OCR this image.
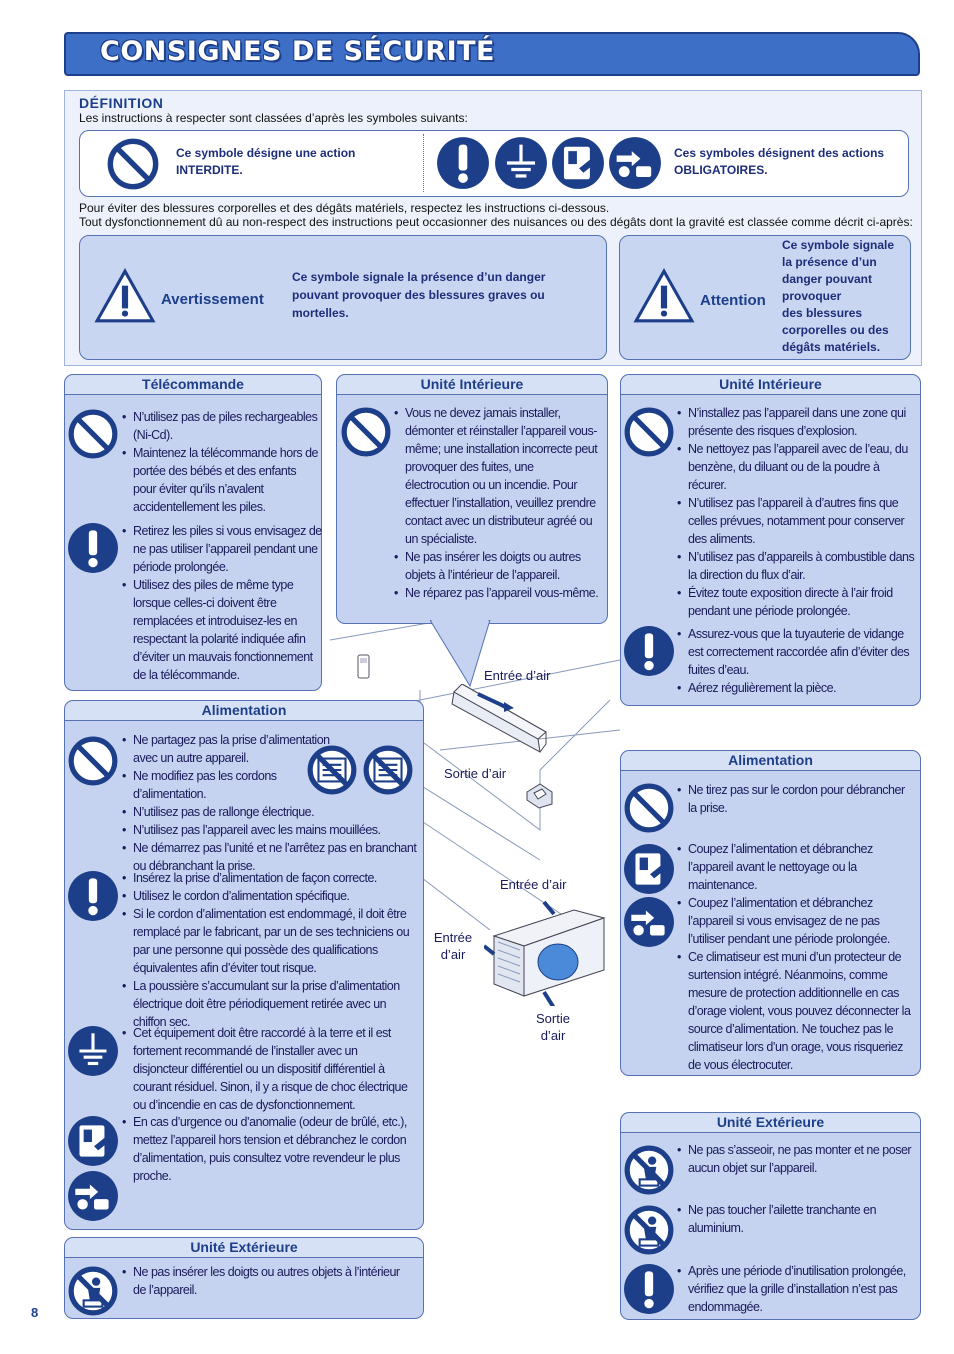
CONSIGNES DE SÉCURITÉ
DÉFINITION
Les instructions à respecter sont classées d’après les symboles suivants:
Ce symbole désigne une action
INTERDITE.
Ces symboles désignent des actions
OBLIGATOIRES.
Pour éviter des blessures corporelles et des dégâts matériels, respectez les instructions ci-dessous.
Tout dysfonctionnement dû au non-respect des instructions peut occasionner des nuisances ou des dégâts dont la gravité est classée comme décrit ci-après:
Avertissement
Ce symbole signale la présence d’un danger
pouvant provoquer des blessures graves ou
mortelles.
Attention
Ce symbole signale
la présence d’un
danger pouvant
provoquer
des blessures
corporelles ou des
dégâts matériels.
Entrée d’air
Sortie d’air
Entrée d’air
Entrée
d’air
Sortie
d’air
Télécommande
• N’utilisez pas de piles rechargeables (Ni-Cd).
• Maintenez la télécommande hors de portée des bébés et des enfants pour éviter qu’ils n’avalent accidentellement les piles.
• Retirez les piles si vous envisagez de ne pas utiliser l’appareil pendant une période prolongée.
• Utilisez des piles de même type lorsque celles-ci doivent être remplacées et introduisez-les en respectant la polarité indiquée afin d’éviter un mauvais fonctionnement de la télécommande.
Unité Intérieure
• Vous ne devez jamais installer, démonter et réinstaller l’appareil vous-même; une installation incorrecte peut provoquer des fuites, une électrocution ou un incendie. Pour effectuer l’installation, veuillez prendre contact avec un distributeur agréé ou un spécialiste.
• Ne pas insérer les doigts ou autres objets à l’intérieur de l’appareil.
• Ne réparez pas l’appareil vous-même.
Unité Intérieure
• N’installez pas l’appareil dans une zone qui présente des risques d’explosion.
• Ne nettoyez pas l’appareil avec de l’eau, du benzène, du diluant ou de la poudre à récurer.
• N’utilisez pas l’appareil à d’autres fins que celles prévues, notamment pour conserver des aliments.
• N’utilisez pas d’appareils à combustible dans la direction du flux d’air.
• Évitez toute exposition directe à l’air froid pendant une période prolongée.
• Assurez-vous que la tuyauterie de vidange est correctement raccordée afin d’éviter des fuites d’eau.
• Aérez régulièrement la pièce.
Alimentation
• Ne partagez pas la prise d’alimentation avec un autre appareil.
• Ne modifiez pas les cordons d’alimentation.
• N’utilisez pas de rallonge électrique.
• N’utilisez pas l’appareil avec les mains mouillées.
• Ne démarrez pas l’unité et ne l’arrêtez pas en branchant ou débranchant la prise.
• Insérez la prise d’alimentation de façon correcte.
• Utilisez le cordon d’alimentation spécifique.
• Si le cordon d’alimentation est endommagé, il doit être remplacé par le fabricant, par un de ses techniciens ou par une personne qui possède des qualifications équivalentes afin d’éviter tout risque.
• La poussière s’accumulant sur la prise d’alimentation électrique doit être périodiquement retirée avec un chiffon sec.
• Cet équipement doit être raccordé à la terre et il est fortement recommandé de l’installer avec un disjoncteur différentiel ou un dispositif différentiel à courant résiduel. Sinon, il y a risque de choc électrique ou d’incendie en cas de dysfonctionnement.
• En cas d’urgence ou d’anomalie (odeur de brûlé, etc.), mettez l’appareil hors tension et débranchez le cordon d’alimentation, puis consultez votre revendeur le plus proche.
Alimentation
• Ne tirez pas sur le cordon pour débrancher la prise.
• Coupez l’alimentation et débranchez l’appareil avant le nettoyage ou la maintenance.
• Coupez l’alimentation et débranchez l’appareil si vous envisagez de ne pas l’utiliser pendant une période prolongée.
• Ce climatiseur est muni d’un protecteur de surtension intégré. Néanmoins, comme mesure de protection additionnelle en cas d’orage violent, vous pouvez déconnecter la source d’alimentation. Ne touchez pas le climatiseur lors d’un orage, vous risqueriez de vous électrocuter.
Unité Extérieure
• Ne pas insérer les doigts ou autres objets à l’intérieur de l’appareil.
Unité Extérieure
• Ne pas s’asseoir, ne pas monter et ne poser aucun objet sur l’appareil.
• Ne pas toucher l’ailette tranchante en aluminium.
• Après une période d’inutilisation prolongée, vérifiez que la grille d’installation n’est pas endommagée.
8
